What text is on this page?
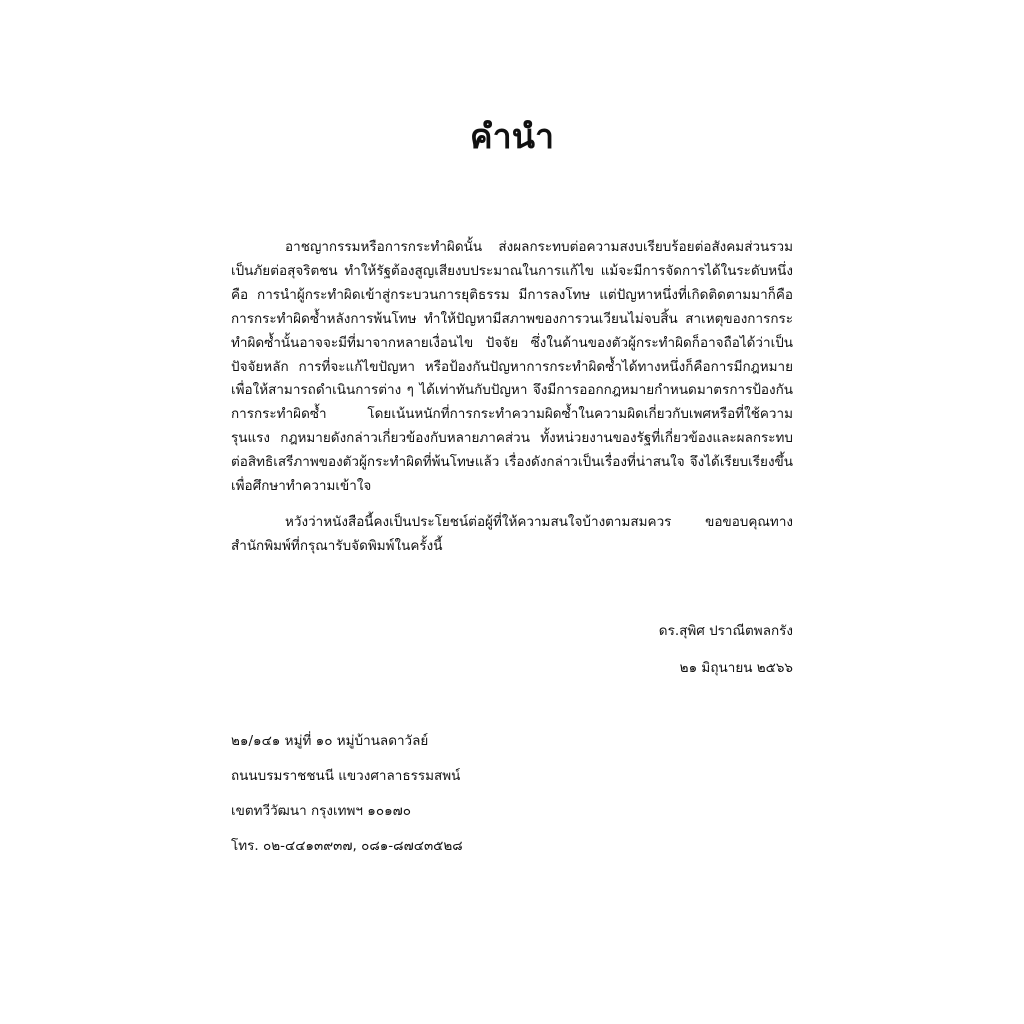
คำนำ

อาชญากรรมหรือการกระทำผิดนั้น ส่งผลกระทบต่อความสงบเรียบร้อยต่อสังคมส่วนรวม เป็นภัยต่อสุจริตชน ทำให้รัฐต้องสูญเสียงบประมาณในการแก้ไข แม้จะมีการจัดการได้ในระดับหนึ่ง คือ การนำผู้กระทำผิดเข้าสู่กระบวนการยุติธรรม มีการลงโทษ แต่ปัญหาหนึ่งที่เกิดติดตามมาก็คือ การกระทำผิดซ้ำหลังการพ้นโทษ ทำให้ปัญหามีสภาพของการวนเวียนไม่จบสิ้น สาเหตุของการกระทำผิดซ้ำนั้นอาจจะมีที่มาจากหลายเงื่อนไข ปัจจัย ซึ่งในด้านของตัวผู้กระทำผิดก็อาจถือได้ว่าเป็นปัจจัยหลัก การที่จะแก้ไขปัญหา หรือป้องกันปัญหาการกระทำผิดซ้ำได้ทางหนึ่งก็คือการมีกฎหมายเพื่อให้สามารถดำเนินการต่าง ๆ ได้เท่าทันกับปัญหา จึงมีการออกกฎหมายกำหนดมาตรการป้องกันการกระทำผิดซ้ำ โดยเน้นหนักที่การกระทำความผิดซ้ำในความผิดเกี่ยวกับเพศหรือที่ใช้ความรุนแรง กฎหมายดังกล่าวเกี่ยวข้องกับหลายภาคส่วน ทั้งหน่วยงานของรัฐที่เกี่ยวข้องและผลกระทบต่อสิทธิเสรีภาพของตัวผู้กระทำผิดที่พ้นโทษแล้ว เรื่องดังกล่าวเป็นเรื่องที่น่าสนใจ จึงได้เรียบเรียงขึ้นเพื่อศึกษาทำความเข้าใจ

หวังว่าหนังสือนี้คงเป็นประโยชน์ต่อผู้ที่ให้ความสนใจบ้างตามสมควร ขอขอบคุณทางสำนักพิมพ์ที่กรุณารับจัดพิมพ์ในครั้งนี้

ดร.สุพิศ ปราณีตพลกรัง
๒๑ มิถุนายน ๒๕๖๖
๒๑/๑๔๑ หมู่ที่ ๑๐ หมู่บ้านลดาวัลย์
ถนนบรมราชชนนี แขวงศาลาธรรมสพน์
เขตทวีวัฒนา กรุงเทพฯ ๑๐๑๗๐
โทร. ๐๒-๔๔๑๓๙๓๗, ๐๘๑-๘๗๔๓๕๒๘
